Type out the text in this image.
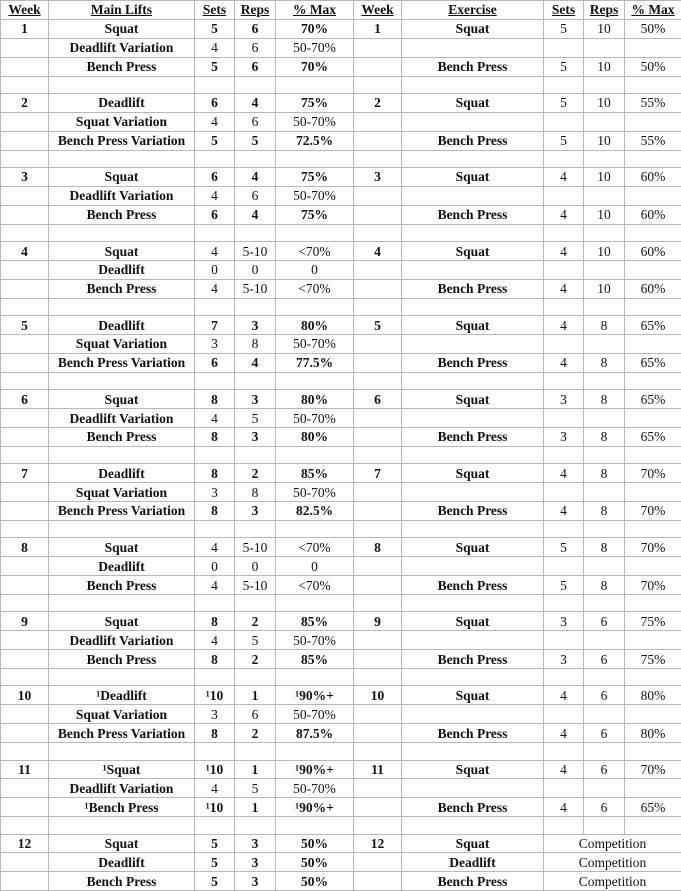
Week	Main Lifts	Sets	Reps	% Max	Week	Exercise	Sets	Reps	% Max
1	Squat	5	6	70%	1	Squat	5	10	50%
	Deadlift Variation	4	6	50-70%					
	Bench Press	5	6	70%		Bench Press	5	10	50%

2	Deadlift	6	4	75%	2	Squat	5	10	55%
	Squat Variation	4	6	50-70%					
	Bench Press Variation	5	5	72.5%		Bench Press	5	10	55%

3	Squat	6	4	75%	3	Squat	4	10	60%
	Deadlift Variation	4	6	50-70%					
	Bench Press	6	4	75%		Bench Press	4	10	60%

4	Squat	4	5-10	<70%	4	Squat	4	10	60%
	Deadlift	0	0	0					
	Bench Press	4	5-10	<70%		Bench Press	4	10	60%

5	Deadlift	7	3	80%	5	Squat	4	8	65%
	Squat Variation	3	8	50-70%					
	Bench Press Variation	6	4	77.5%		Bench Press	4	8	65%

6	Squat	8	3	80%	6	Squat	3	8	65%
	Deadlift Variation	4	5	50-70%					
	Bench Press	8	3	80%		Bench Press	3	8	65%

7	Deadlift	8	2	85%	7	Squat	4	8	70%
	Squat Variation	3	8	50-70%					
	Bench Press Variation	8	3	82.5%		Bench Press	4	8	70%

8	Squat	4	5-10	<70%	8	Squat	5	8	70%
	Deadlift	0	0	0					
	Bench Press	4	5-10	<70%		Bench Press	5	8	70%

9	Squat	8	2	85%	9	Squat	3	6	75%
	Deadlift Variation	4	5	50-70%					
	Bench Press	8	2	85%		Bench Press	3	6	75%

10	¹Deadlift	¹10	1	¹90%+	10	Squat	4	6	80%
	Squat Variation	3	6	50-70%					
	Bench Press Variation	8	2	87.5%		Bench Press	4	6	80%

11	¹Squat	¹10	1	¹90%+	11	Squat	4	6	70%
	Deadlift Variation	4	5	50-70%					
	¹Bench Press	¹10	1	¹90%+		Bench Press	4	6	65%

12	Squat	5	3	50%	12	Squat	Competition		
	Deadlift	5	3	50%		Deadlift	Competition		
	Bench Press	5	3	50%		Bench Press	Competition		
